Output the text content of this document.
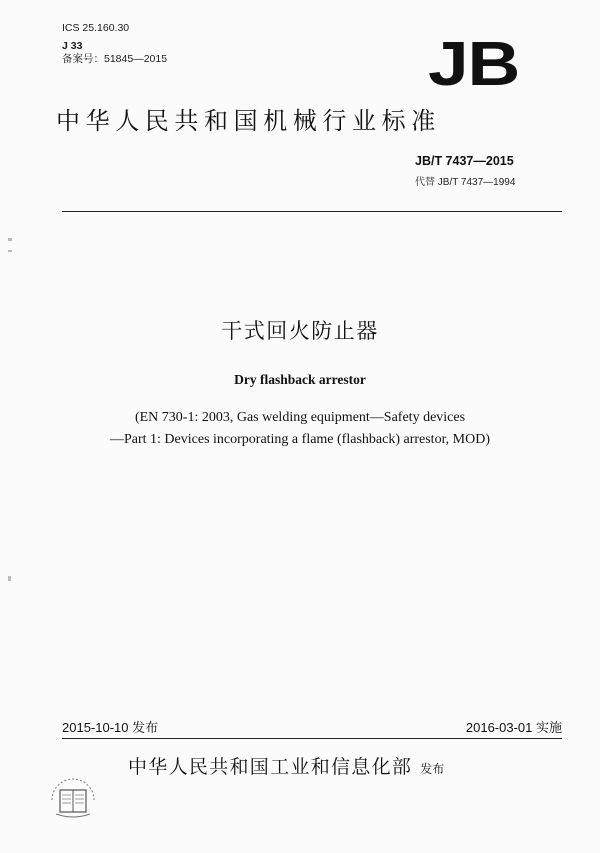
ICS 25.160.30
J 33
备案号：51845—2015	JB
中华人民共和国机械行业标准
JB/T 7437—2015
代替 JB/T 7437—1994
干式回火防止器
Dry flashback arrestor
(EN 730-1: 2003, Gas welding equipment—Safety devices
—Part 1: Devices incorporating a flame (flashback) arrestor, MOD)
2015-10-10 发布	2016-03-01 实施
中华人民共和国工业和信息化部 发布
